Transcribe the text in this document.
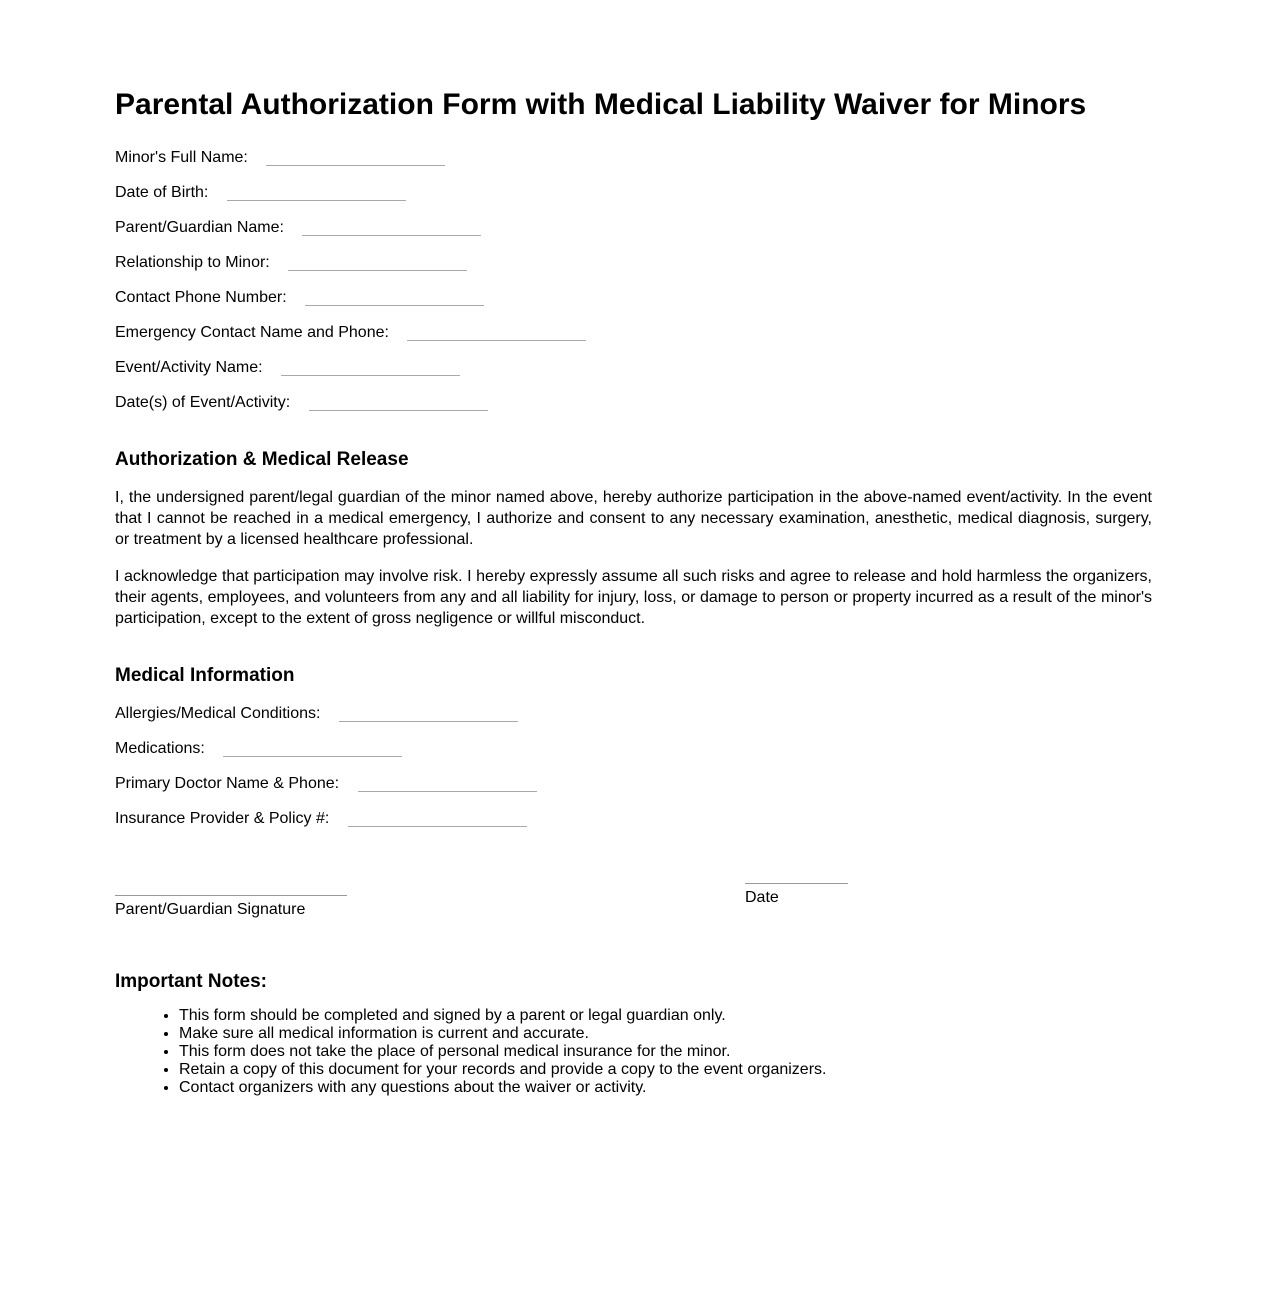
Parental Authorization Form with Medical Liability Waiver for Minors

Minor's Full Name:

Date of Birth:

Parent/Guardian Name:

Relationship to Minor:

Contact Phone Number:

Emergency Contact Name and Phone:

Event/Activity Name:

Date(s) of Event/Activity:

Authorization & Medical Release

I, the undersigned parent/legal guardian of the minor named above, hereby authorize participation in the above-named event/activity. In the event that I cannot be reached in a medical emergency, I authorize and consent to any necessary examination, anesthetic, medical diagnosis, surgery, or treatment by a licensed healthcare professional.

I acknowledge that participation may involve risk. I hereby expressly assume all such risks and agree to release and hold harmless the organizers, their agents, employees, and volunteers from any and all liability for injury, loss, or damage to person or property incurred as a result of the minor's participation, except to the extent of gross negligence or willful misconduct.

Medical Information

Allergies/Medical Conditions:

Medications:

Primary Doctor Name & Phone:

Insurance Provider & Policy #:

Parent/Guardian Signature
Date
Important Notes:
• This form should be completed and signed by a parent or legal guardian only.
• Make sure all medical information is current and accurate.
• This form does not take the place of personal medical insurance for the minor.
• Retain a copy of this document for your records and provide a copy to the event organizers.
• Contact organizers with any questions about the waiver or activity.
